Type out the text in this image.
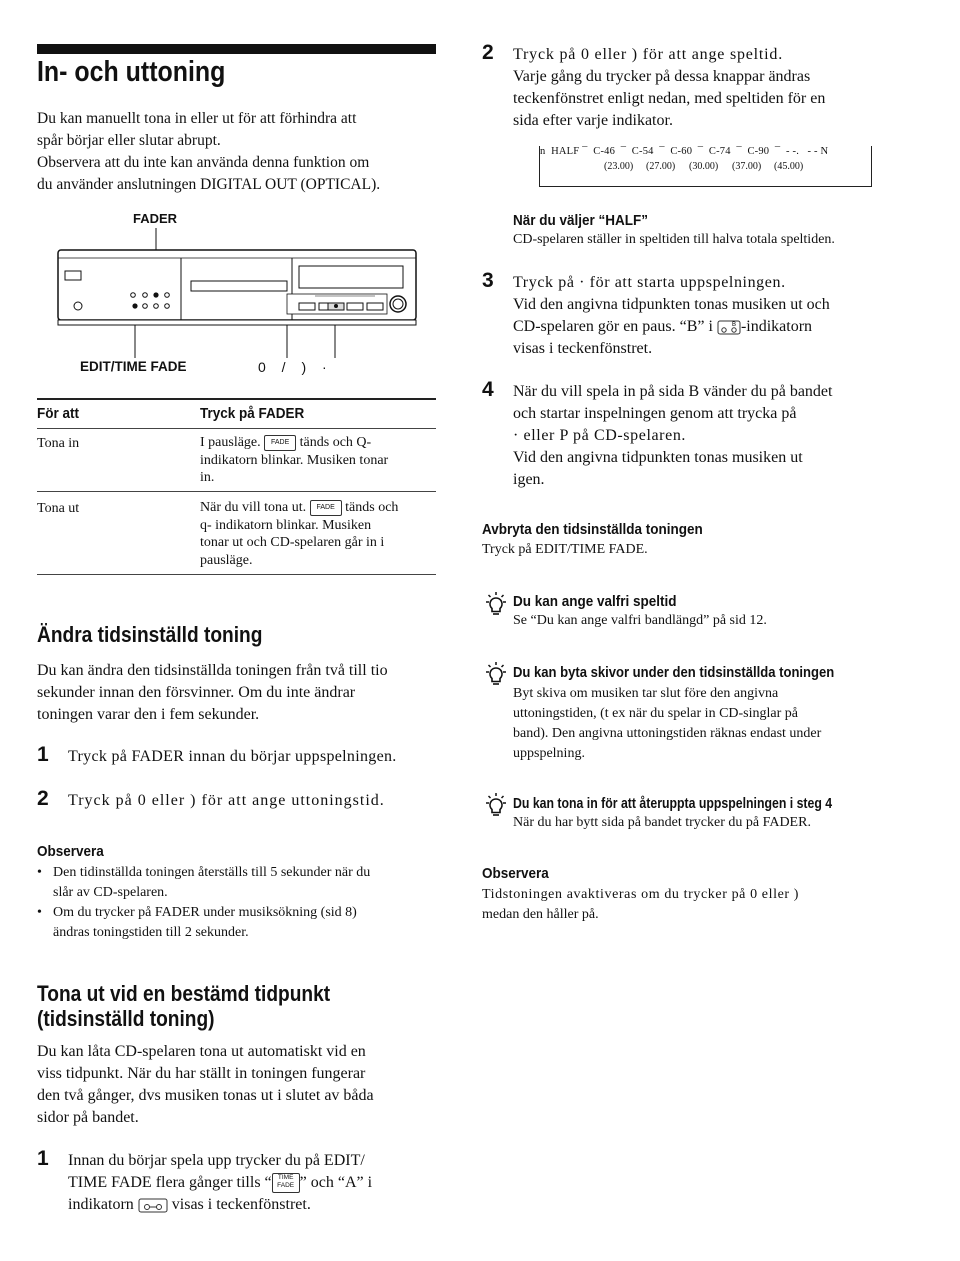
In- och uttoning
Du kan manuellt tona in eller ut för att förhindra att
spår börjar eller slutar abrupt.
Observera att du inte kan använda denna funktion om
du använder anslutningen DIGITAL OUT (OPTICAL).
FADER
EDIT/TIME FADE	0 / ) ·
För att	Tryck på FADER
Tona in	I pausläge. FADE tänds och Q-
indikatorn blinkar. Musiken tonar
in.
Tona ut	När du vill tona ut. FADE tänds och
q- indikatorn blinkar. Musiken
tonar ut och CD-spelaren går in i
pausläge.
Ändra tidsinställd toning
Du kan ändra den tidsinställda toningen från två till tio
sekunder innan den försvinner. Om du inte ändrar
toningen varar den i fem sekunder.
1 Tryck på FADER innan du börjar uppspelningen.
2 Tryck på 0 eller ) för att ange uttoningstid.
Observera
• Den tidinställda toningen återställs till 5 sekunder när du
slår av CD-spelaren.
• Om du trycker på FADER under musiksökning (sid 8)
ändras toningstiden till 2 sekunder.
Tona ut vid en bestämd tidpunkt
(tidsinställd toning)
Du kan låta CD-spelaren tona ut automatiskt vid en
viss tidpunkt. När du har ställt in toningen fungerar
den två gånger, dvs musiken tonas ut i slutet av båda
sidor på bandet.
1 Innan du börjar spela upp trycker du på EDIT/
TIME FADE flera gånger tills “ TIME
FADE ” och “A” i
indikatorn visas i teckenfönstret.
2 Tryck på 0 eller ) för att ange speltid.
Varje gång du trycker på dessa knappar ändras
teckenfönstret enligt nedan, med speltiden för en
sida efter varje indikator.
n  HALF ¯  C-46  ¯  C-54  ¯  C-60  ¯  C-74  ¯  C-90  ¯  - -.   - - N
(23.00) (27.00) (30.00) (37.00) (45.00)
När du väljer “HALF”
CD-spelaren ställer in speltiden till halva totala speltiden.
3 Tryck på · för att starta uppspelningen.
Vid den angivna tidpunkten tonas musiken ut och
CD-spelaren gör en paus. “B” i	B -indikatorn
visas i teckenfönstret.
4 När du vill spela in på sida B vänder du på bandet
och startar inspelningen genom att trycka på
· eller P på CD-spelaren.
Vid den angivna tidpunkten tonas musiken ut
igen.
Avbryta den tidsinställda toningen
Tryck på EDIT/TIME FADE.
Du kan ange valfri speltid
Se “Du kan ange valfri bandlängd” på sid 12.
Du kan byta skivor under den tidsinställda toningen
Byt skiva om musiken tar slut före den angivna
uttoningstiden, (t ex när du spelar in CD-singlar på
band). Den angivna uttoningstiden räknas endast under
uppspelning.
Du kan tona in för att återuppta uppspelningen i steg 4
När du har bytt sida på bandet trycker du på FADER.
Observera
Tidstoningen avaktiveras om du trycker på 0 eller )
medan den håller på.
